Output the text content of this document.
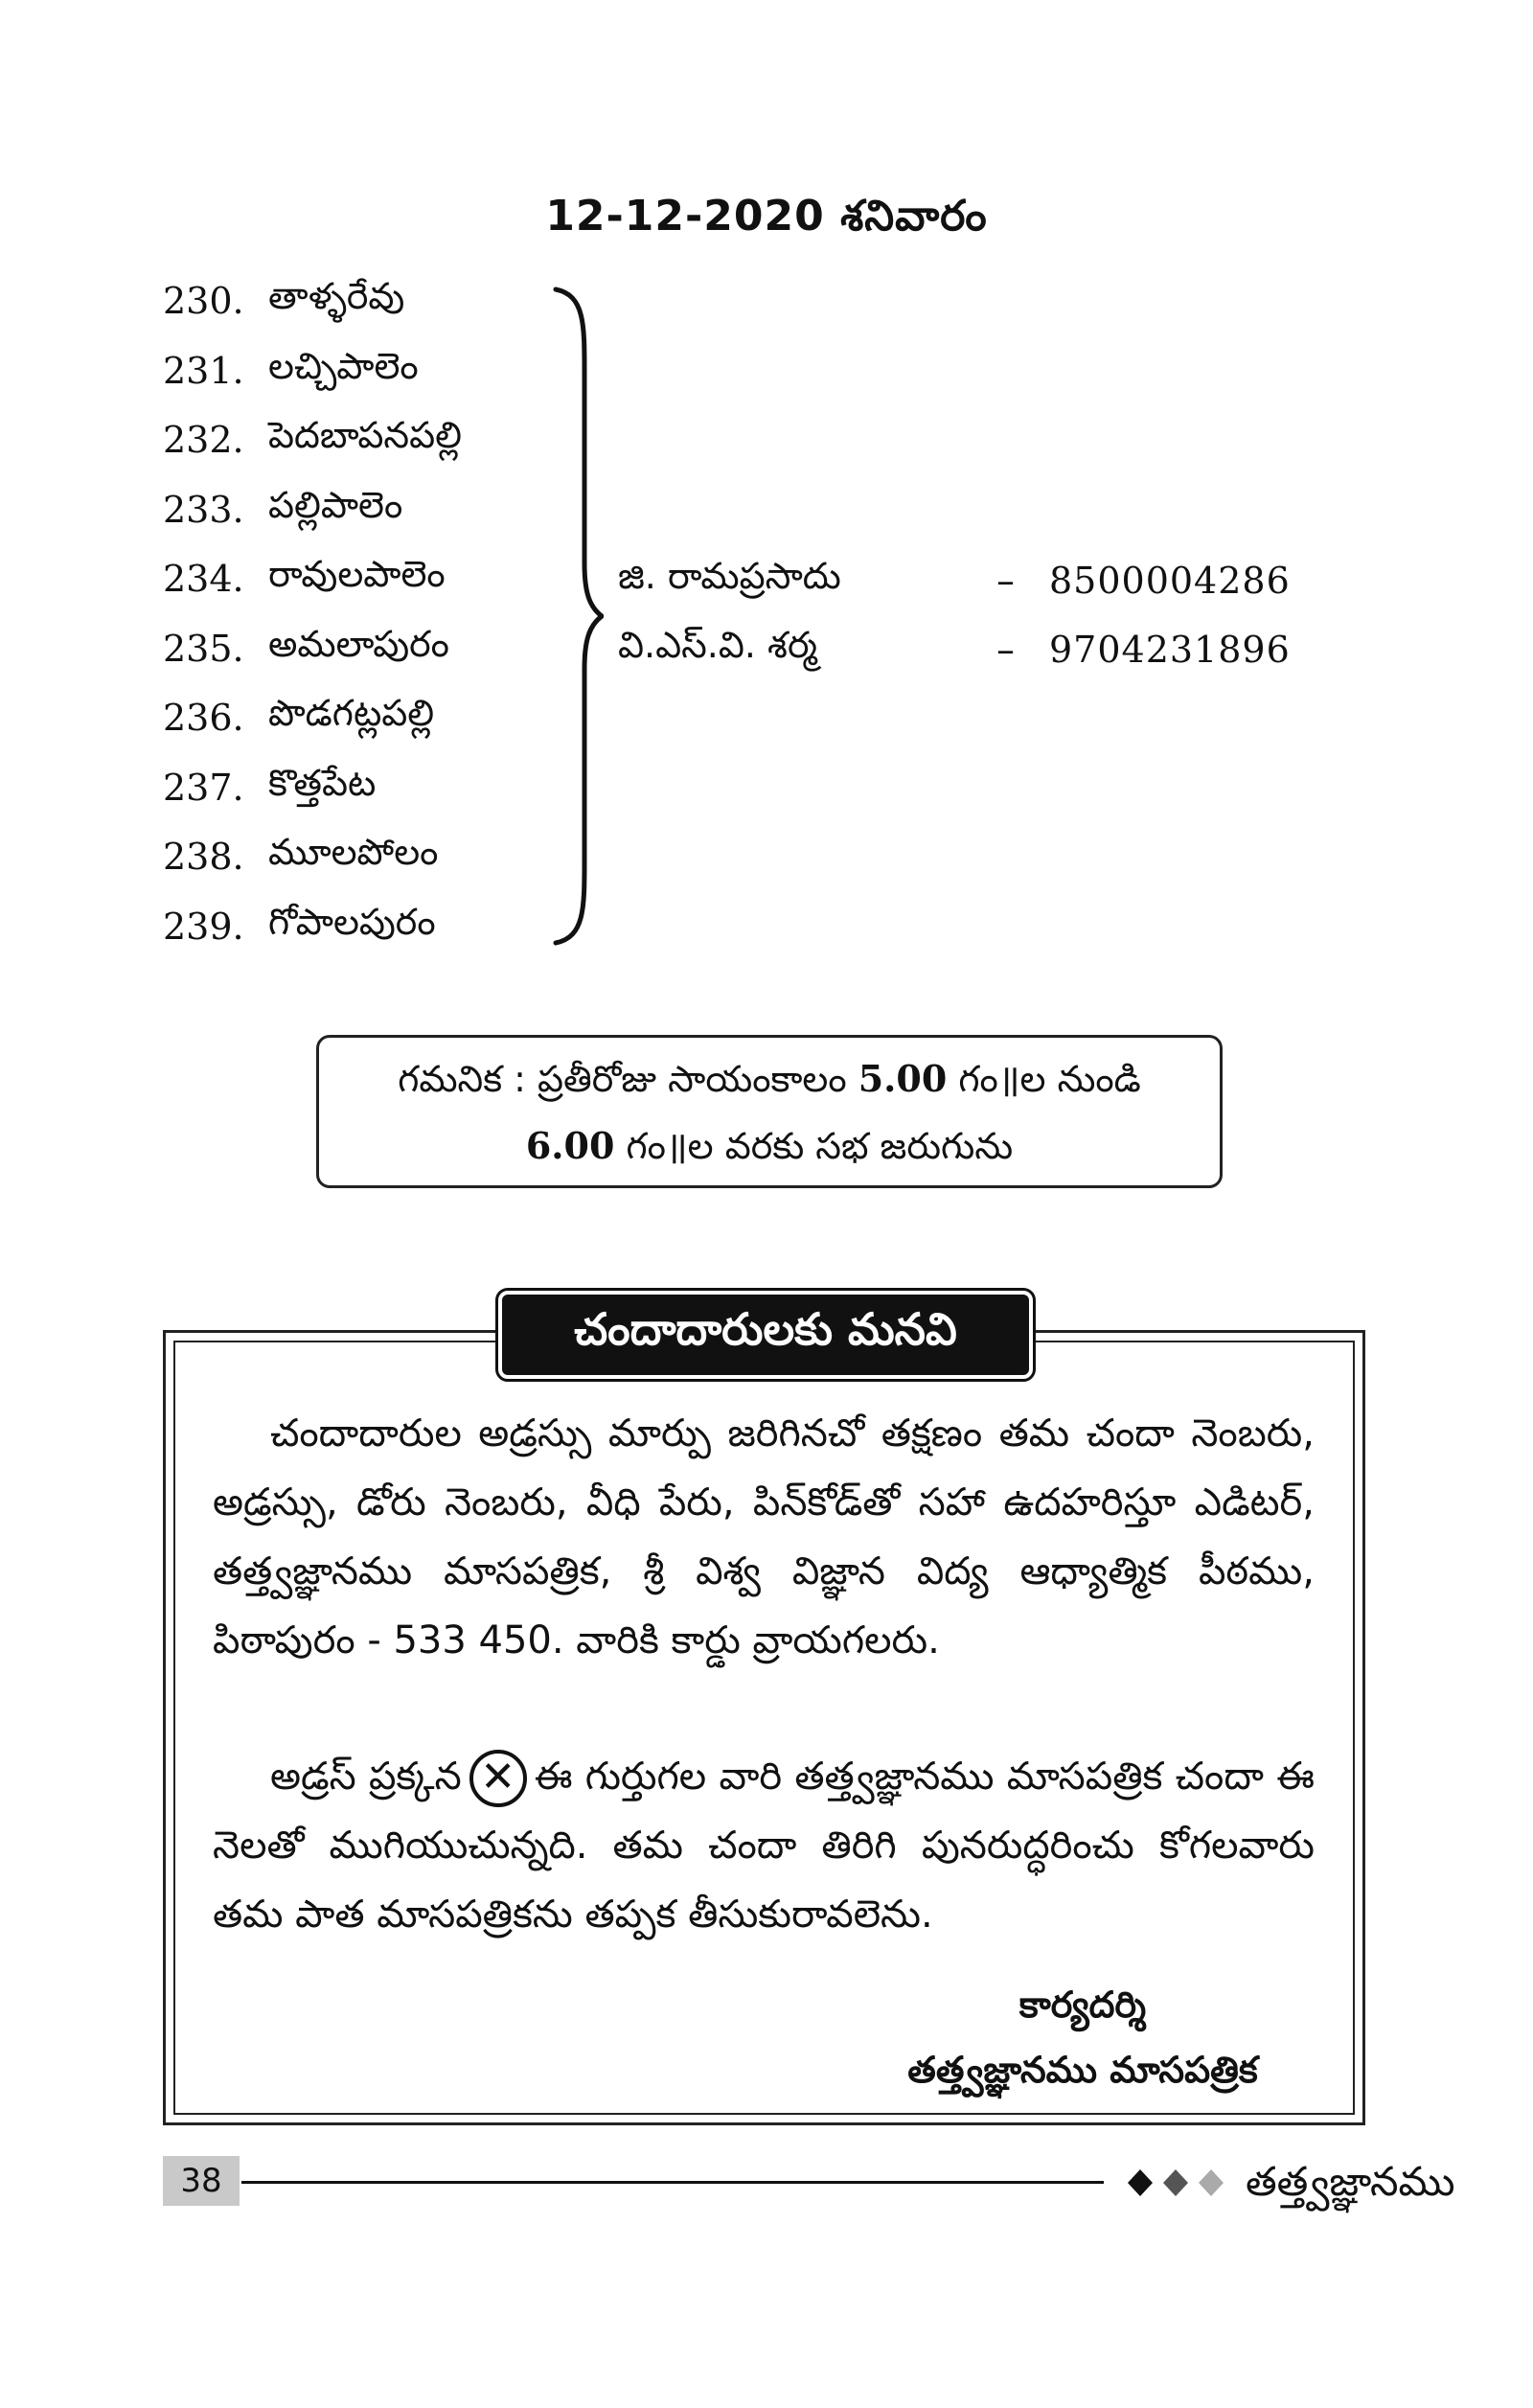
12-12-2020 శనివారం
230. తాళ్ళరేవు
231. లచ్చిపాలెం
232. పెదబాపనపల్లి
233. పల్లిపాలెం
234. రావులపాలెం
235. అమలాపురం
236. పొడగట్లపల్లి
237. కొత్తపేట
238. మూలపోలం
239. గోపాలపురం
జి. రామప్రసాదు	– 8500004286
వి.ఎస్.వి. శర్మ	– 9704231896
గమనిక : ప్రతీరోజు సాయంకాలం 5.00 గం॥ల నుండి
6.00 గం॥ల వరకు సభ జరుగును
చందాదారులకు మనవి
చందాదారుల అడ్రస్సు మార్పు జరిగినచో తక్షణం తమ చందా నెంబరు, అడ్రస్సు, డోరు నెంబరు, వీధి పేరు, పిన్‌కోడ్‌తో సహా ఉదహరిస్తూ ఎడిటర్, తత్త్వజ్ఞానము మాసపత్రిక, శ్రీ విశ్వ విజ్ఞాన విద్య ఆధ్యాత్మిక పీఠము, పిఠాపురం - 533 450. వారికి కార్డు వ్రాయగలరు.
అడ్రస్ ప్రక్కన ✕ ఈ గుర్తుగల వారి తత్త్వజ్ఞానము మాసపత్రిక చందా ఈ నెలతో ముగియుచున్నది. తమ చందా తిరిగి పునరుద్ధరించు కోగలవారు తమ పాత మాసపత్రికను తప్పక తీసుకురావలెను.
కార్యదర్శి
తత్త్వజ్ఞానము మాసపత్రిక
38	తత్త్వజ్ఞానము
